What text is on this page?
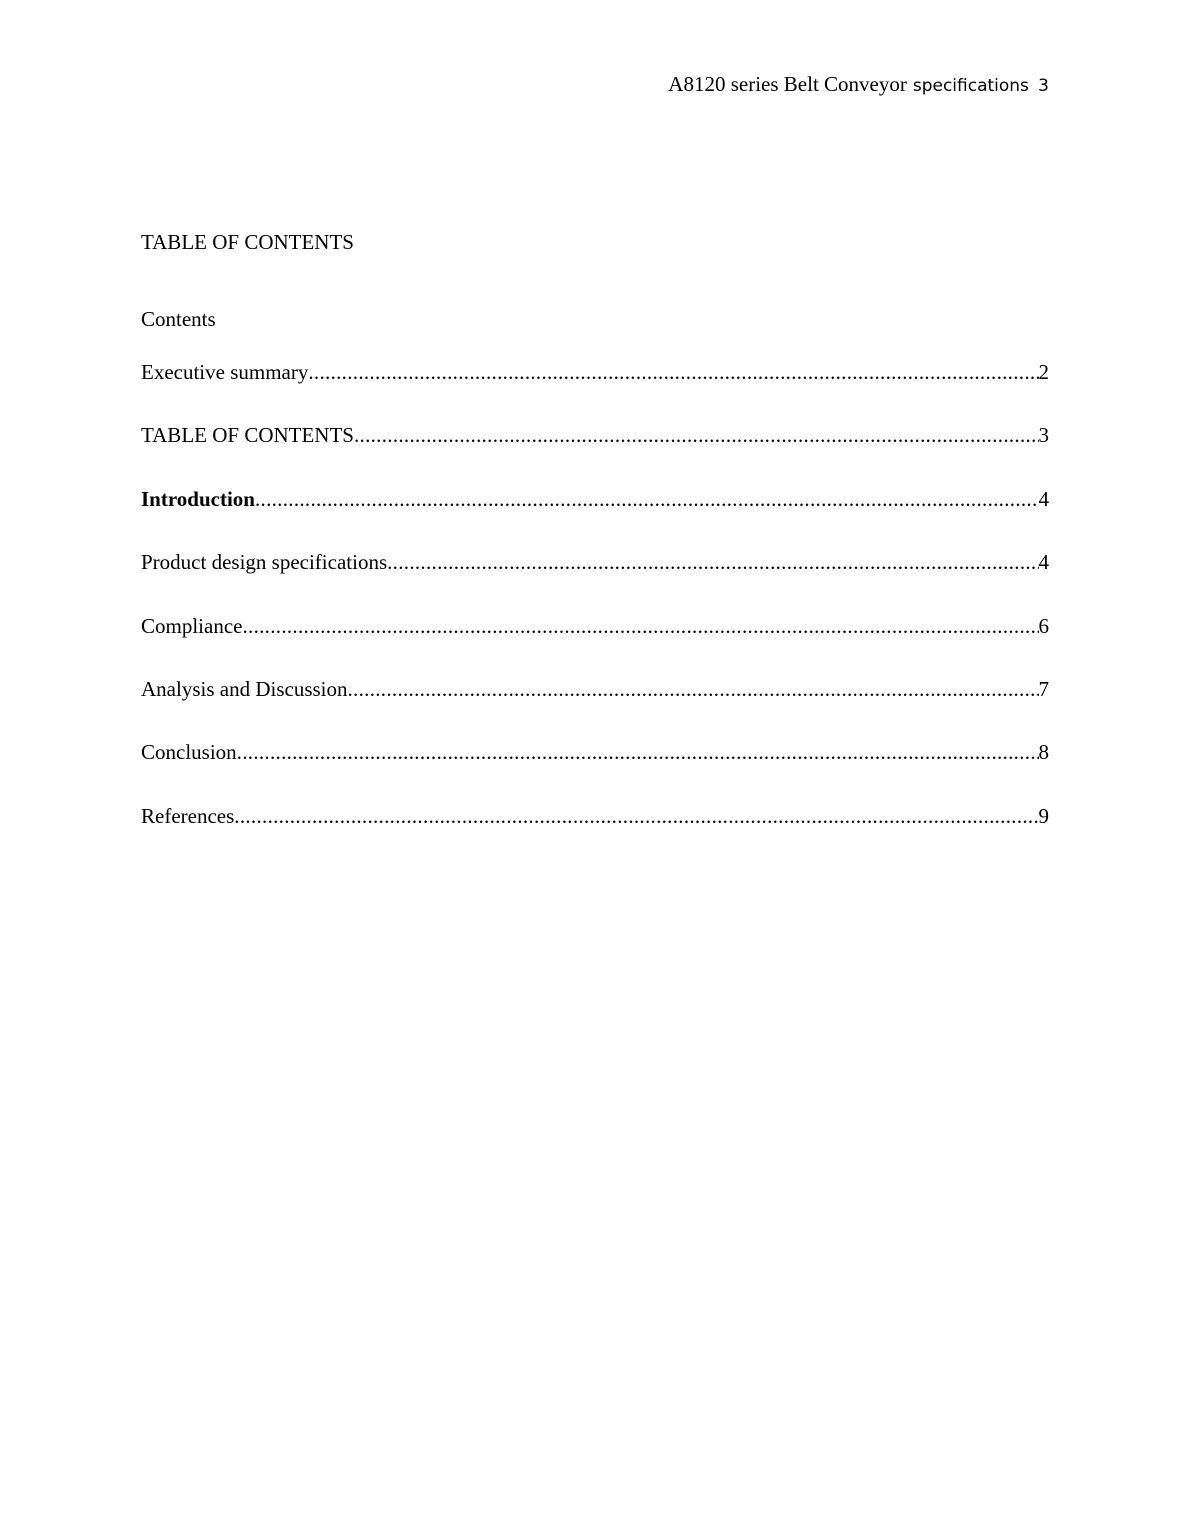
A8120 series Belt Conveyor specifications 3
TABLE OF CONTENTS
Contents
Executive summary .....	2
TABLE OF CONTENTS .....	3
Introduction .....	4
Product design specifications .....	4
Compliance .....	6
Analysis and Discussion .....	7
Conclusion .....	8
References .....	9
